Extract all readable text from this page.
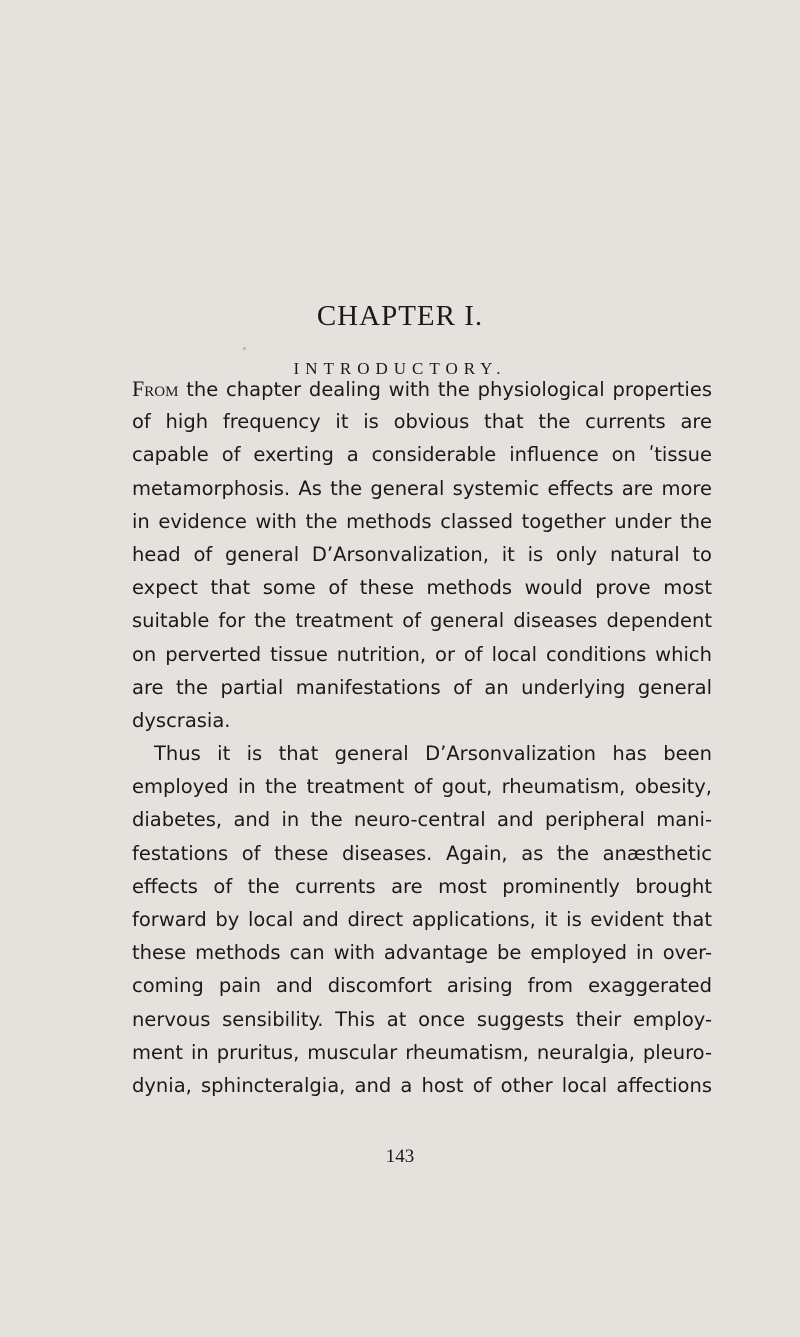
CHAPTER I.
INTRODUCTORY.
From the chapter dealing with the physiological properties
of high frequency it is obvious that the currents are
capable of exerting a considerable influence on ʹtissue
metamorphosis. As the general systemic effects are more
in evidence with the methods classed together under the
head of general D’Arsonvalization, it is only natural to
expect that some of these methods would prove most
suitable for the treatment of general diseases dependent
on perverted tissue nutrition, or of local conditions which
are the partial manifestations of an underlying general
dyscrasia.
Thus it is that general D’Arsonvalization has been
employed in the treatment of gout, rheumatism, obesity,
diabetes, and in the neuro-central and peripheral mani-
festations of these diseases. Again, as the anæsthetic
effects of the currents are most prominently brought
forward by local and direct applications, it is evident that
these methods can with advantage be employed in over-
coming pain and discomfort arising from exaggerated
nervous sensibility. This at once suggests their employ-
ment in pruritus, muscular rheumatism, neuralgia, pleuro-
dynia, sphincteralgia, and a host of other local affections

143
